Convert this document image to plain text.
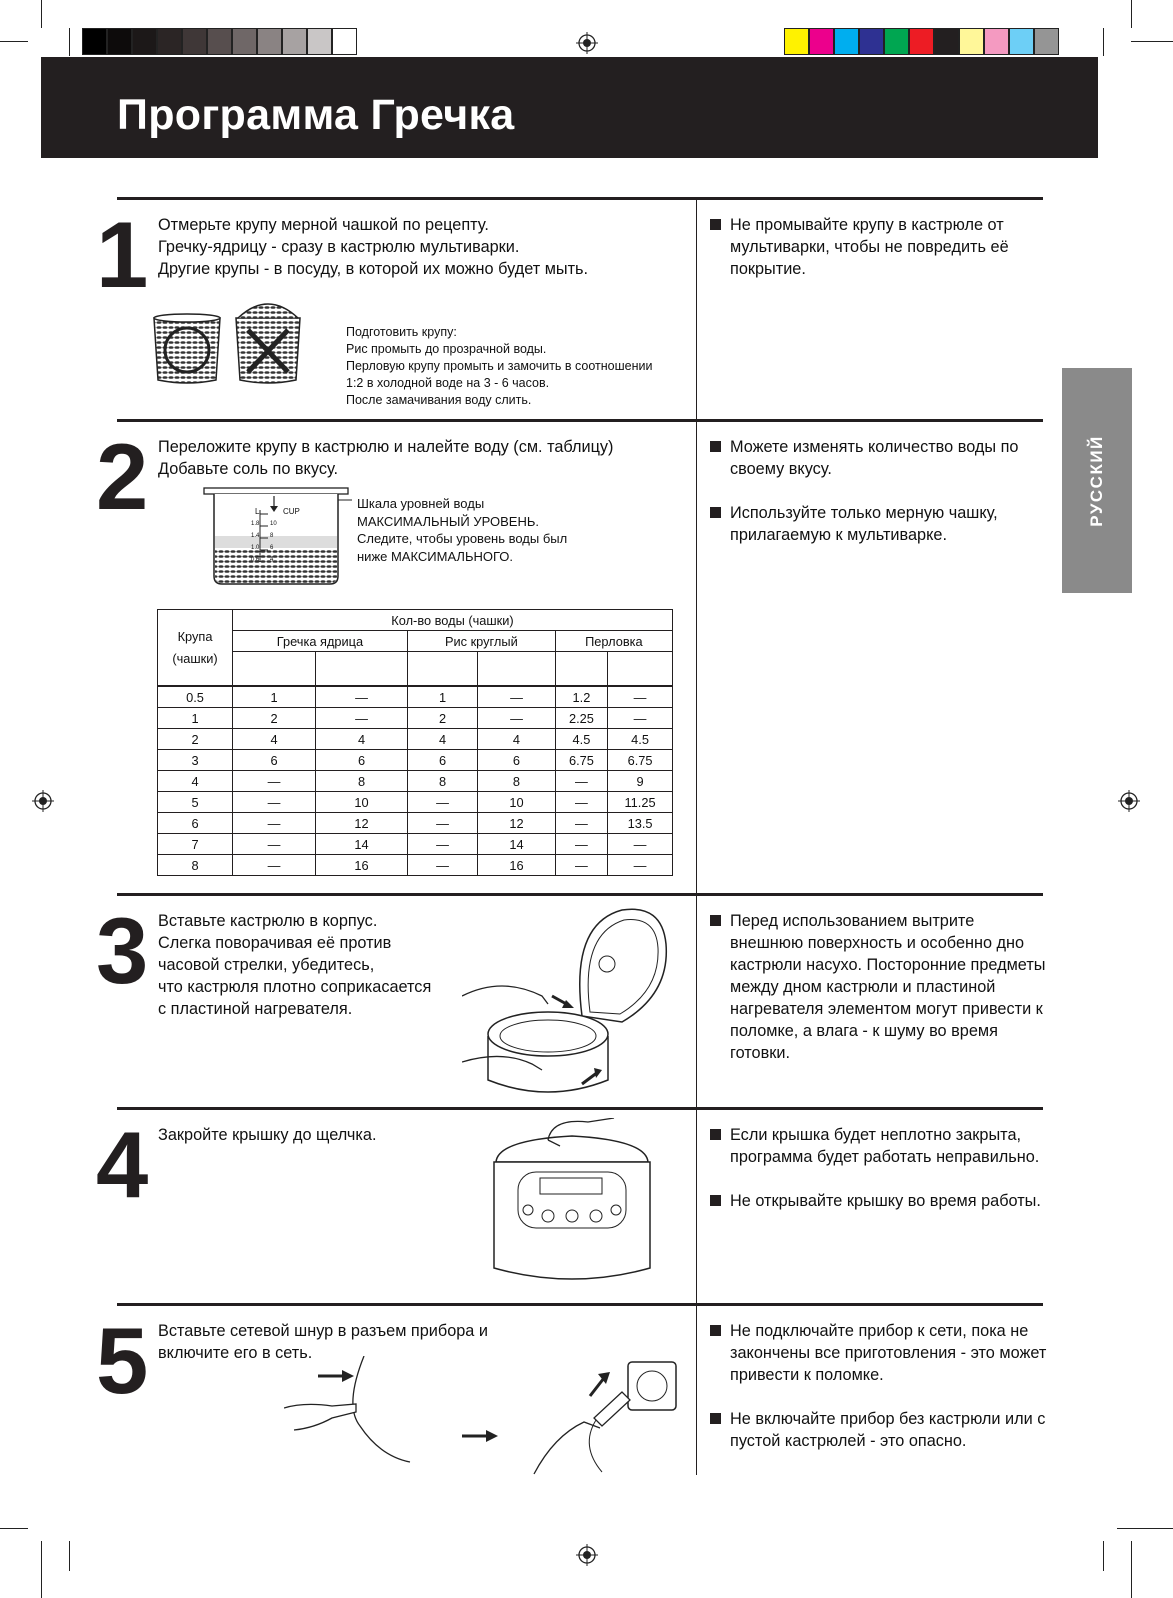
Программа Гречка
РУССКИЙ
1 Отмерьте крупу мерной чашкой по рецепту.
Гречку-ядрицу - сразу в кастрюлю мультиварки.
Другие крупы - в посуду, в которой их можно будет мыть.
Подготовить крупу:
Рис промыть до прозрачной воды.
Перловую крупу промыть и замочить в соотношении
1:2 в холодной воде на 3 - 6 часов.
После замачивания воду слить.

Не промывайте крупу в кастрюле от мультиварки, чтобы не повредить её покрытие.

2 Переложите крупу в кастрюлю и налейте воду (см. таблицу)
Добавьте соль по вкусу.
L	CUP
1.8
1.4
1.0
0.6
10
8
6
4
Шкала уровней воды
МАКСИМАЛЬНЫЙ УРОВЕНЬ.
Следите, чтобы уровень воды был
ниже МАКСИМАЛЬНОГО.
Крупа
(чашки)	Кол-во воды (чашки)					
	Гречка ядрица		Рис круглый		Перловка	

0.5	1	—	1	—	1.2	—
1	2	—	2	—	2.25	—
2	4	4	4	4	4.5	4.5
3	6	6	6	6	6.75	6.75
4	—	8	8	8	—	9
5	—	10	—	10	—	11.25
6	—	12	—	12	—	13.5
7	—	14	—	14	—	—
8	—	16	—	16	—	—

Можете изменять количество воды по своему вкусу.

Используйте только мерную чашку, прилагаемую к мультиварке.

3 Вставьте кастрюлю в корпус.
Слегка поворачивая её против
часовой стрелки, убедитесь,
что кастрюля плотно соприкасается
с пластиной нагревателя.

Перед использованием вытрите внешнюю поверхность и особенно дно кастрюли насухо. Посторонние предметы между дном кастрюли и пластиной нагревателя элементом могут привести к поломке, а влага - к шуму во время готовки.

4 Закройте крышку до щелчка.	Если крышка будет неплотно закрыта, программа будет работать неправильно.

Не открывайте крышку во время работы.

5 Вставьте сетевой шнур в разъем прибора и
включите его в сеть.

Не подключайте прибор к сети, пока не закончены все приготовления - это может привести к поломке.

Не включайте прибор без кастрюли или с пустой кастрюлей - это опасно.
